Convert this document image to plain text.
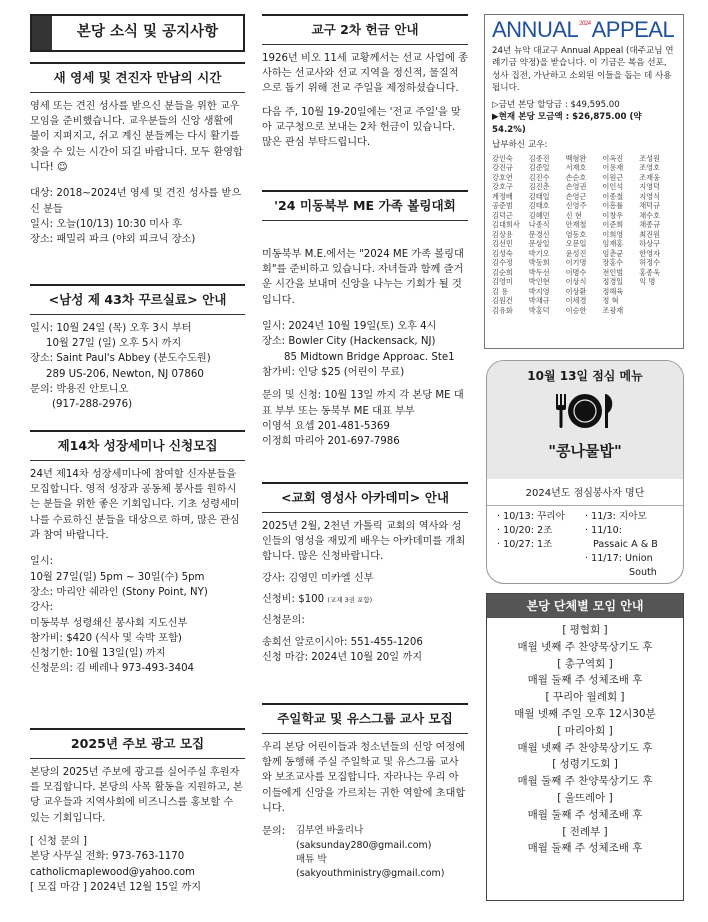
본당 소식 및 공지사항
새 영세 및 견진자 만남의 시간

영세 또는 견진 성사를 받으신 분들을 위한 교우 모임을 준비했습니다. 교우분들의 신앙 생활에 불이 지펴지고, 쉬고 계신 분들께는 다시 활기를 찾을 수 있는 시간이 되길 바랍니다. 모두 환영합니다! ☺

대상: 2018~2024년 영세 및 견진 성사를 받으신 분들

일시: 오늘(10/13) 10:30 미사 후

장소: 패밀리 파크 (야외 피크닉 장소)

<남성 제 43차 꾸르실료> 안내

일시: 10월 24일 (목) 오후 3시 부터

10월 27일 (일) 오후 5시 까지

장소: Saint Paul's Abbey (분도수도원)

289 US-206, Newton, NJ 07860

문의: 박용진 안토니오

(917-288-2976)

제14차 성장세미나 신청모집

24년 제14차 성장세미나에 참여할 신자분들을 모집합니다. 영적 성장과 공동체 봉사를 원하시는 분들을 위한 좋은 기회입니다. 기초 성령세미나를 수료하신 분들을 대상으로 하며, 많은 관심과 참여 바랍니다.

일시:

10월 27일(일) 5pm ~ 30일(수) 5pm

장소: 마리안 쉐라인 (Stony Point, NY)

강사:

미동북부 성령쇄신 봉사회 지도신부

참가비: $420 (식사 및 숙박 포함)

신청기한: 10월 13일(일) 까지

신청문의: 김 베레나 973-493-3404

2025년 주보 광고 모집

본당의 2025년 주보에 광고를 실어주실 후원자를 모집합니다. 본당의 사목 활동을 지원하고, 본당 교우들과 지역사회에 비즈니스를 홍보할 수 있는 기회입니다.

[ 신청 문의 ]

본당 사무실 전화: 973-763-1170

catholicmaplewood@yahoo.com

[ 모집 마감 ] 2024년 12월 15일 까지

교구 2차 헌금 안내

1926년 비오 11세 교황께서는 선교 사업에 종사하는 선교사와 선교 지역을 정신적, 물질적으로 돕기 위해 전교 주일을 제정하셨습니다.

다음 주, 10월 19-20일에는 '전교 주일'을 맞아 교구청으로 보내는 2차 헌금이 있습니다. 많은 관심 부탁드립니다.

'24 미동북부 ME 가족 볼링대회

미동북부 M.E.에서는 "2024 ME 가족 볼링대회"를 준비하고 있습니다. 자녀들과 함께 즐거운 시간을 보내며 신앙을 나누는 기회가 될 것입니다.

일시: 2024년 10월 19일(토) 오후 4시

장소: Bowler City (Hackensack, NJ)

85 Midtown Bridge Approac. Ste1

참가비: 인당 $25 (어린이 무료)

문의 및 신청: 10월 13일 까지 각 본당 ME 대표 부부 또는 동북부 ME 대표 부부

이영석 요셉 201-481-5369

이정희 마리아 201-697-7986

<교회 영성사 아카데미> 안내

2025년 2월, 2천년 가톨릭 교회의 역사와 성인들의 영성을 재밌게 배우는 아카데미를 개최합니다. 많은 신청바랍니다.

강사: 김영민 미카엘 신부

신청비: $100 (교재 3권 포함)

신청문의:

송희선 알로이시아: 551-455-1206

신청 마감: 2024년 10월 20일 까지

주일학교 및 유스그룹 교사 모집

우리 본당 어린이들과 청소년들의 신앙 여정에 함께 동행해 주실 주일학교 및 유스그룹 교사와 보조교사를 모집합니다. 자라나는 우리 아이들에게 신앙을 가르치는 귀한 역할에 초대합니다.

문의:	김부연 바울리나

(saksunday280@gmail.com)

매튜 박

(sakyouthministry@gmail.com)

$ANNUAL^{2024}APPEAL$

24년 뉴악 대교구 Annual Appeal (대주교님 연례기금 약정)을 받습니다. 이 기금은 복음 선포, 성사 집전, 가난하고 소외된 이들을 돕는 데 사용됩니다.

▷금년 본당 할당금 : $49,595.00

▶현재 본당 모금액 : $26,875.00 (약 54.2%)

납부하신 교우:

강인숙	김종진	백형완	이옥진	조성원
강진규	김준일	서재호	이용재	조영호
강호연	김진수	손순호	이원근	조재웅
강호구	김진춘	손영권	이인석	지영덕
계정배	김태일	손영근	이종철	지영식
공준범	김태호	신영주	이흥률	채덕규
김덕근	김혜민	신 현	이창우	채수호
김대희사	나종식	안재철	이준희	채종규
김상용	문경신	염동호	이희영	최진원
김선민	문상일	오문일	임재홍	하상구
김성숙	박기오	윤성진	임춘균	한영자
김수정	박동희	이기명	장홍수	허정수
김순희	박두선	이명수	전인범	홍종욱
김영미	박인현	이상식	정경일	익 명
김 용	박지영	이상환	정해육

김원건	박채규	이세경	정 혁

김유화	박홍덕	이승한	조광재

10월 13일 점심 메뉴
"콩나물밥"
2024년도 점심봉사자 명단
· 10/13: 꾸리아
· 10/20: 2조
· 10/27: 1조
· 11/3: 지아모
· 11/10:
Passaic A & B
· 11/17: Union
South
본당 단체별 모임 안내
[ 평협회 ]
매월 넷째 주 찬양묵상기도 후
[ 총구역회 ]
매월 둘째 주 성체조배 후
[ 꾸리아 월례회 ]
매월 넷째 주일 오후 12시30분
[ 마리아회 ]
매월 넷째 주 찬양묵상기도 후
[ 성령기도회 ]
매월 둘째 주 찬양묵상기도 후
[ 울뜨레아 ]
매월 둘째 주 성체조배 후
[ 전례부 ]
매월 둘째 주 성체조배 후
